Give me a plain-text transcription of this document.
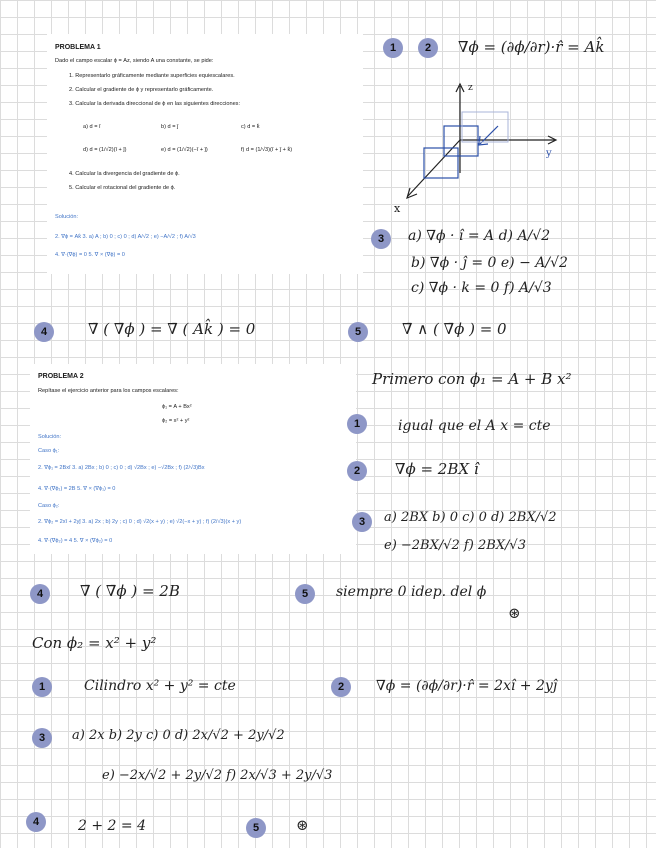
PROBLEMA 1
Dado el campo escalar ϕ = Az, siendo A una constante, se pide:
1. Representarlo gráficamente mediante superficies equiescalares.
2. Calcular el gradiente de ϕ y representarlo gráficamente.
3. Calcular la derivada direccional de ϕ en las siguientes direcciones:
a) d = î	b) d = ĵ	c) d = k̂
d) d = (1/√2)(î + ĵ)	e) d = (1/√2)(−î + ĵ)	f) d = (1/√3)(î + ĵ + k̂)
4. Calcular la divergencia del gradiente de ϕ.
5. Calcular el rotacional del gradiente de ϕ.
Solución:
2. ∇ϕ = Ak̂ 3. a) A ; b) 0 ; c) 0 ; d) A/√2 ; e) −A/√2 ; f) A/√3
4. ∇·(∇ϕ) = 0 5. ∇ × (∇ϕ) = 0
PROBLEMA 2
Repítase el ejercicio anterior para los campos escalares:
ϕ₁ = A + Bx²
ϕ₂ = x² + y²
Solución:
Caso ϕ₁:
2. ∇ϕ₁ = 2Bxî 3. a) 2Bx ; b) 0 ; c) 0 ; d) √2Bx ; e) −√2Bx ; f) (2/√3)Bx
4. ∇·(∇ϕ₁) = 2B 5. ∇ × (∇ϕ₁) = 0
Caso ϕ₂:
2. ∇ϕ₂ = 2xî + 2yĵ 3. a) 2x ; b) 2y ; c) 0 ; d) √2(x + y) ; e) √2(−x + y) ; f) (2/√3)(x + y)
4. ∇·(∇ϕ₂) = 4 5. ∇ × (∇ϕ₂) = 0
1	2	∇ϕ = (∂ϕ/∂r)·r̂ = Ak̂
z
y
x
3	a) ∇ϕ · î = A d) A/√2
b) ∇ϕ · ĵ = 0 e) − A/√2
c) ∇ϕ · k = 0 f) A/√3
4	∇̄ ( ∇̄ϕ ) = ∇̄ ( Ak̂ ) = 0	5	∇̄ ∧ ( ∇̄ϕ ) = 0
Primero con ϕ₁ = A + B x²
1	igual que el A x = cte
2	∇ϕ = 2BX î
3	a) 2BX b) 0 c) 0 d) 2BX/√2
e) −2BX/√2 f) 2BX/√3
4	∇̄ ( ∇̄ϕ ) = 2B	5	siempre 0 idep. del ϕ
⊛
Con ϕ₂ = x² + y²
1	Cilindro x² + y² = cte	2	∇ϕ = (∂ϕ/∂r)·r̂ = 2xî + 2yĵ
3	a) 2x b) 2y c) 0 d) 2x/√2 + 2y/√2
e) −2x/√2 + 2y/√2 f) 2x/√3 + 2y/√3
4	2 + 2 = 4	5	⊛
